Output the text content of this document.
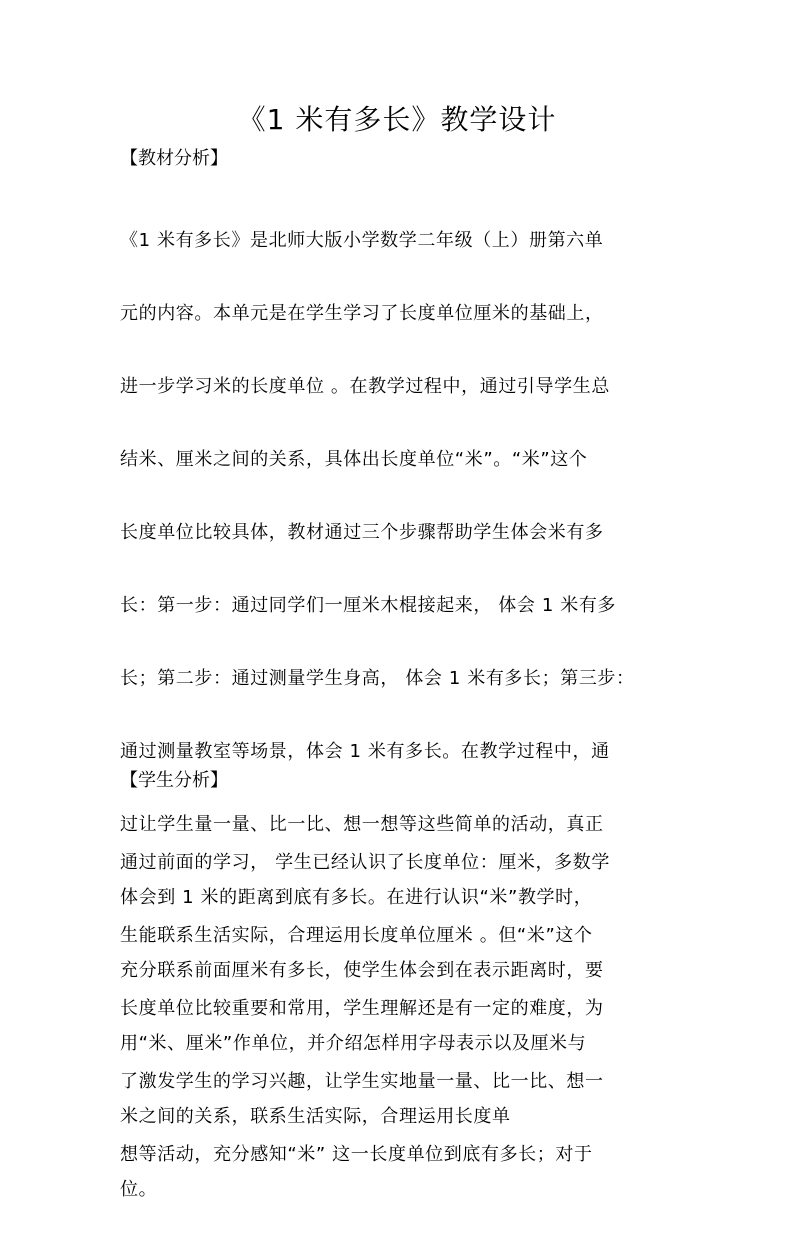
《1 米有多长》教学设计
【教材分析】

《1 米有多长》是北师大版小学数学二年级（上）册第六单

元的内容。本单元是在学生学习了长度单位厘米的基础上，

进一步学习米的长度单位 。在教学过程中，通过引导学生总

结米、厘米之间的关系，具体出长度单位“米”。“米”这个

长度单位比较具体，教材通过三个步骤帮助学生体会米有多

长：第一步：通过同学们一厘米木棍接起来， 体会 1 米有多

长；第二步：通过测量学生身高， 体会 1 米有多长；第三步：

通过测量教室等场景，体会 1 米有多长。在教学过程中，通

过让学生量一量、比一比、想一想等这些简单的活动，真正

体会到 1 米的距离到底有多长。在进行认识“米”教学时，

充分联系前面厘米有多长，使学生体会到在表示距离时，要

用“米、厘米”作单位，并介绍怎样用字母表示以及厘米与

米之间的关系，联系生活实际，合理运用长度单

位。

【学生分析】

通过前面的学习， 学生已经认识了长度单位：厘米，多数学

生能联系生活实际，合理运用长度单位厘米 。但“米”这个

长度单位比较重要和常用，学生理解还是有一定的难度，为

了激发学生的学习兴趣，让学生实地量一量、比一比、想一

想等活动，充分感知“米” 这一长度单位到底有多长；对于
